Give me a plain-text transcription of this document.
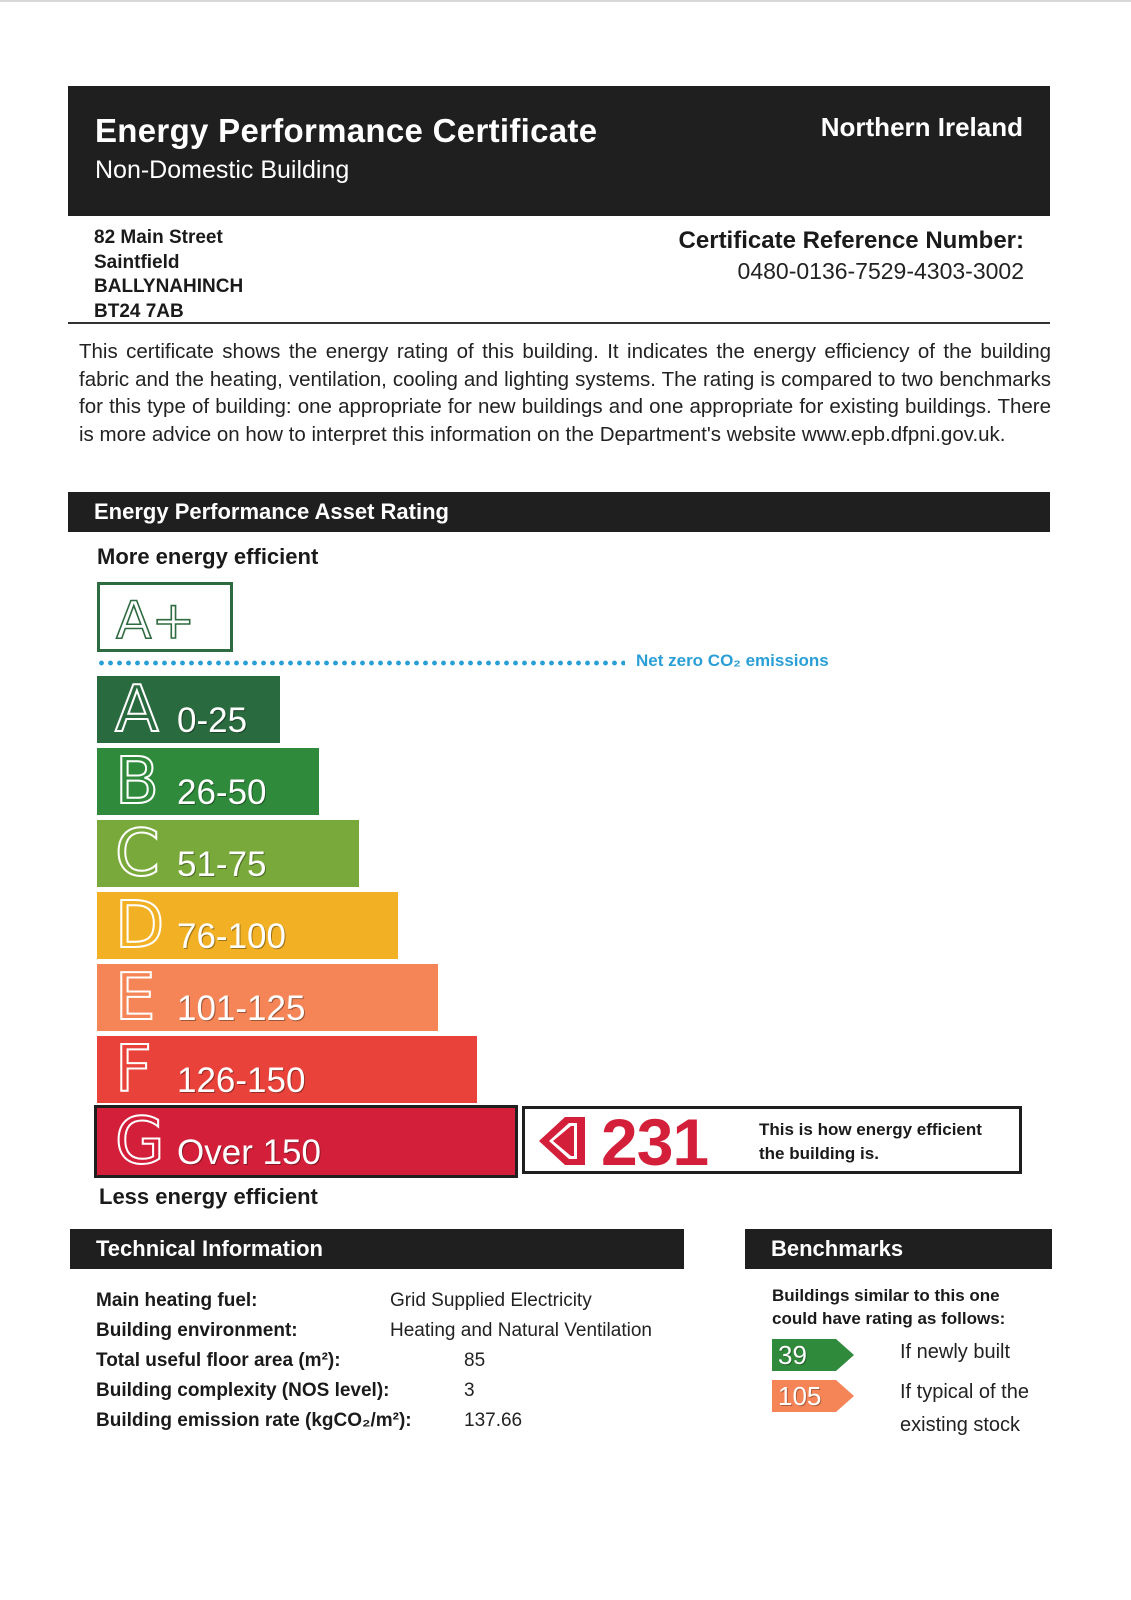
Energy Performance Certificate
Non-Domestic Building
Northern Ireland
82 Main Street
Saintfield
BALLYNAHINCH
BT24 7AB
Certificate Reference Number:
0480-0136-7529-4303-3002

This certificate shows the energy rating of this building. It indicates the energy efficiency of the building fabric and the heating, ventilation, cooling and lighting systems. The rating is compared to two benchmarks for this type of building: one appropriate for new buildings and one appropriate for existing buildings. There is more advice on how to interpret this information on the Department's website www.epb.dfpni.gov.uk.

Energy Performance Asset Rating
More energy efficient
A+
Net zero CO₂ emissions
A 0-25
B 26-50
C 51-75
D 76-100
E 101-125
F 126-150
G Over 150	231	This is how energy efficient
the building is.
Less energy efficient
Technical Information
Main heating fuel:	Grid Supplied Electricity
Building environment:	Heating and Natural Ventilation
Total useful floor area (m²):	85
Building complexity (NOS level):	3
Building emission rate (kgCO₂/m²):	137.66
Benchmarks
Buildings similar to this one
could have rating as follows:
39	If newly built
105	If typical of the
existing stock
